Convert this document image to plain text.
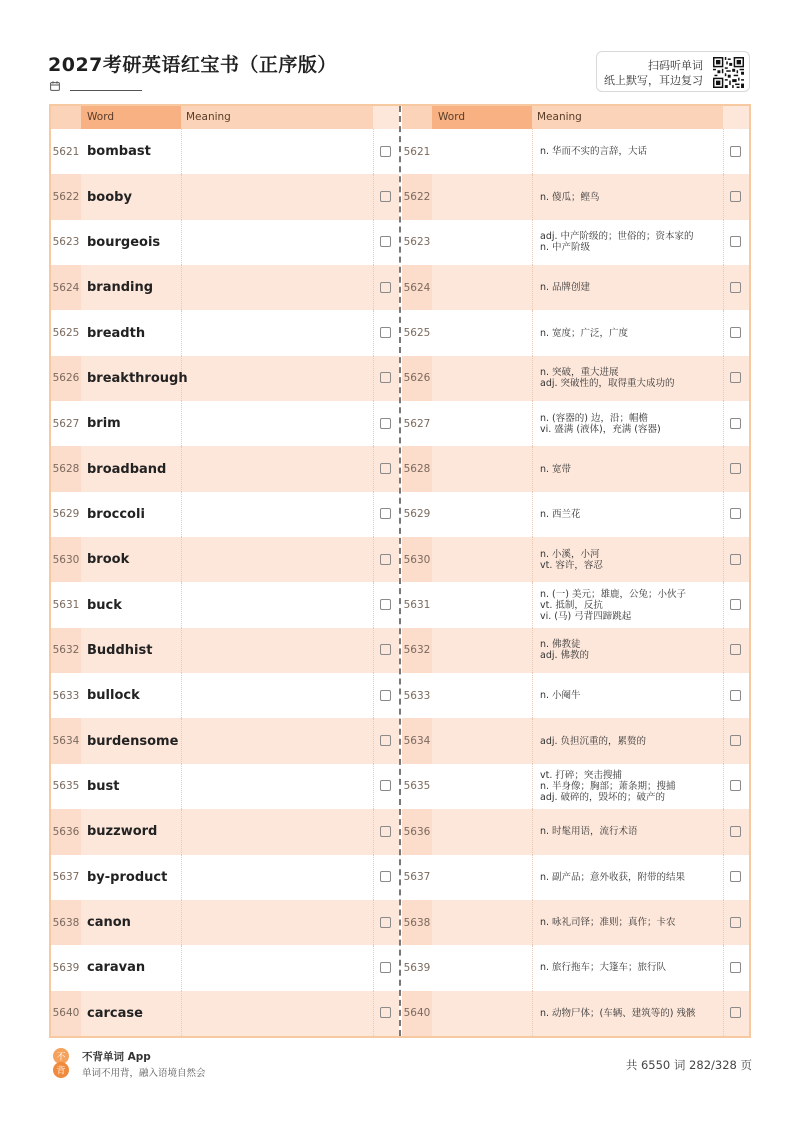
2027考研英语红宝书（正序版）	扫码听单词
纸上默写，耳边复习
Word	Meaning
5621 bombast
5622 booby
5623 bourgeois
5624 branding
5625 breadth
5626 breakthrough
5627 brim
5628 broadband
5629 broccoli
5630 brook
5631 buck
5632 Buddhist
5633 bullock
5634 burdensome
5635 bust
5636 buzzword
5637 by-product
5638 canon
5639 caravan
5640 carcase
Word	Meaning
5621	n. 华而不实的言辞，大话
5622	n. 傻瓜；鲣鸟
5623	adj. 中产阶级的；世俗的；资本家的
n. 中产阶级
5624	n. 品牌创建
5625	n. 宽度；广泛，广度
5626	n. 突破，重大进展
adj. 突破性的，取得重大成功的
5627	n. (容器的) 边，沿；帽檐
vi. 盛满 (液体)，充满 (容器)
5628	n. 宽带
5629	n. 西兰花
5630	n. 小溪，小河
vt. 容许，容忍
5631
n. (一) 美元；雄鹿，公兔；小伙子
vt. 抵制，反抗
vi. (马) 弓背四蹄跳起
5632	n. 佛教徒
adj. 佛教的
5633	n. 小阉牛
5634	adj. 负担沉重的，累赘的
5635
vt. 打碎；突击搜捕
n. 半身像；胸部；萧条期；搜捕
adj. 破碎的，毁坏的；破产的
5636	n. 时髦用语，流行术语
5637	n. 副产品；意外收获，附带的结果
5638	n. 咏礼司铎；准则；真作；卡农
5639	n. 旅行拖车；大篷车；旅行队
5640	n. 动物尸体；(车辆、建筑等的) 残骸
不
背
不背单词 App
单词不用背，融入语境自然会
共 6550 词 282/328 页
